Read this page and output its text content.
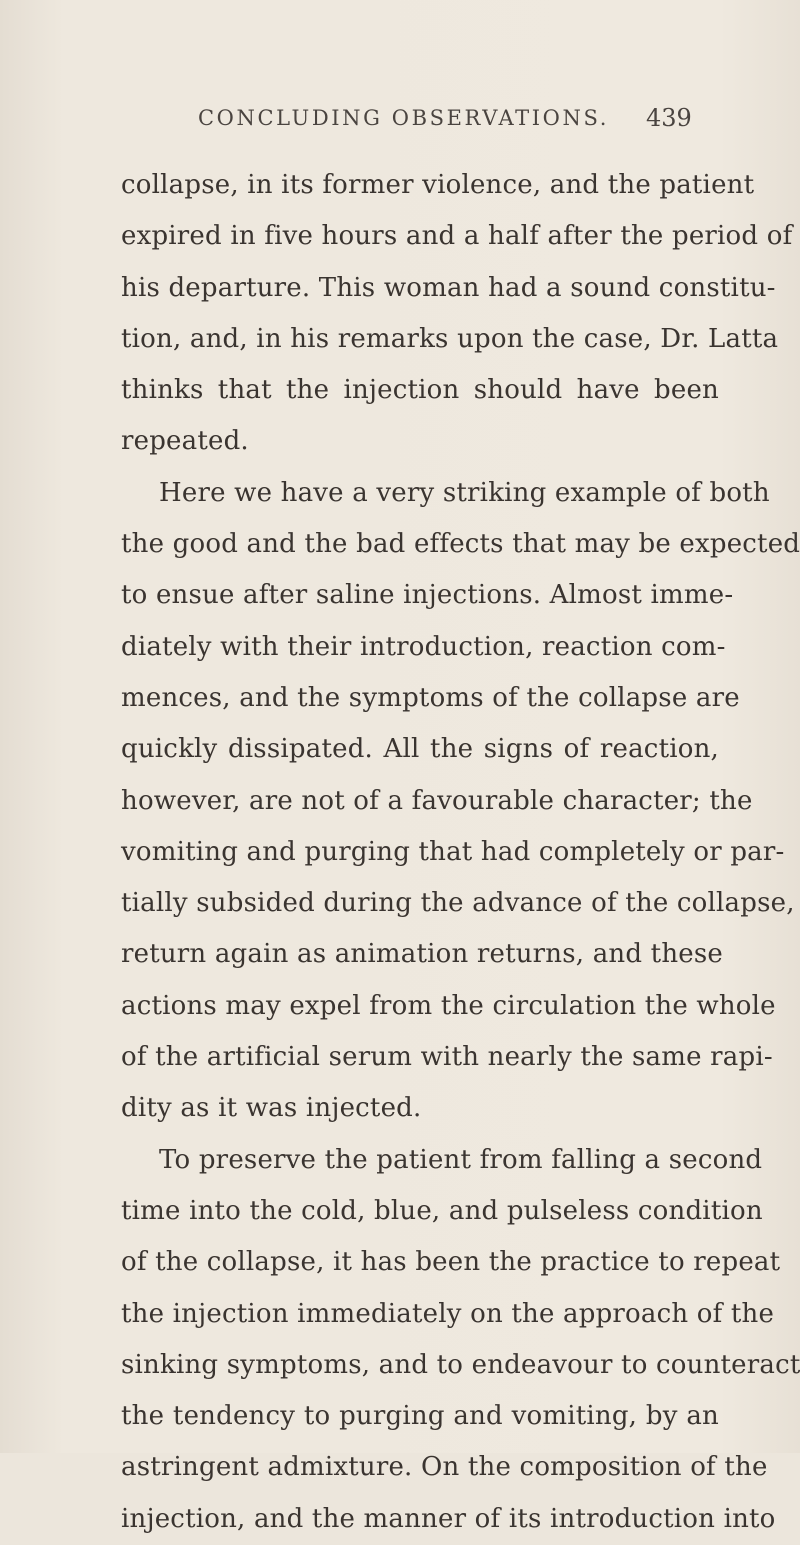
CONCLUDING OBSERVATIONS. 439
collapse, in its former violence, and the patient
expired in five hours and a half after the period of
his departure. This woman had a sound constitu-
tion, and, in his remarks upon the case, Dr. Latta
thinks that the injection should have been
repeated.
Here we have a very striking example of both
the good and the bad effects that may be expected
to ensue after saline injections. Almost imme-
diately with their introduction, reaction com-
mences, and the symptoms of the collapse are
quickly dissipated. All the signs of reaction,
however, are not of a favourable character; the
vomiting and purging that had completely or par-
tially subsided during the advance of the collapse,
return again as animation returns, and these
actions may expel from the circulation the whole
of the artificial serum with nearly the same rapi-
dity as it was injected.
To preserve the patient from falling a second
time into the cold, blue, and pulseless condition
of the collapse, it has been the practice to repeat
the injection immediately on the approach of the
sinking symptoms, and to endeavour to counteract
the tendency to purging and vomiting, by an
astringent admixture. On the composition of the
injection, and the manner of its introduction into
